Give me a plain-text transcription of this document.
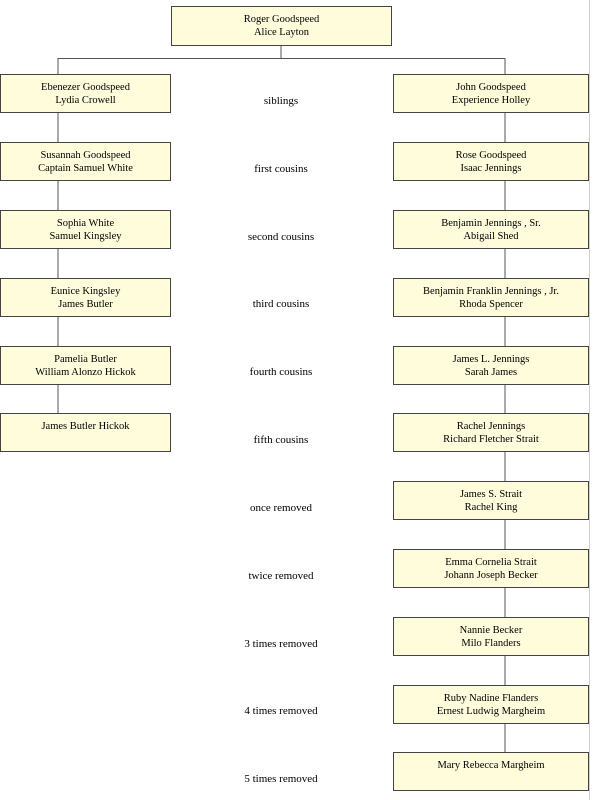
Roger Goodspeed
Alice Layton
Ebenezer Goodspeed
Lydia Crowell
Susannah Goodspeed
Captain Samuel White
Sophia White
Samuel Kingsley
Eunice Kingsley
James Butler
Pamelia Butler
William Alonzo Hickok
James Butler Hickok
John Goodspeed
Experience Holley
Rose Goodspeed
Isaac Jennings
Benjamin Jennings , Sr.
Abigail Shed
Benjamin Franklin Jennings , Jr.
Rhoda Spencer
James L. Jennings
Sarah James
Rachel Jennings
Richard Fletcher Strait
James S. Strait
Rachel King
Emma Cornelia Strait
Johann Joseph Becker
Nannie Becker
Milo Flanders
Ruby Nadine Flanders
Ernest Ludwig Margheim
Mary Rebecca Margheim
siblings
first cousins
second cousins
third cousins
fourth cousins
fifth cousins
once removed
twice removed
3 times removed
4 times removed
5 times removed
